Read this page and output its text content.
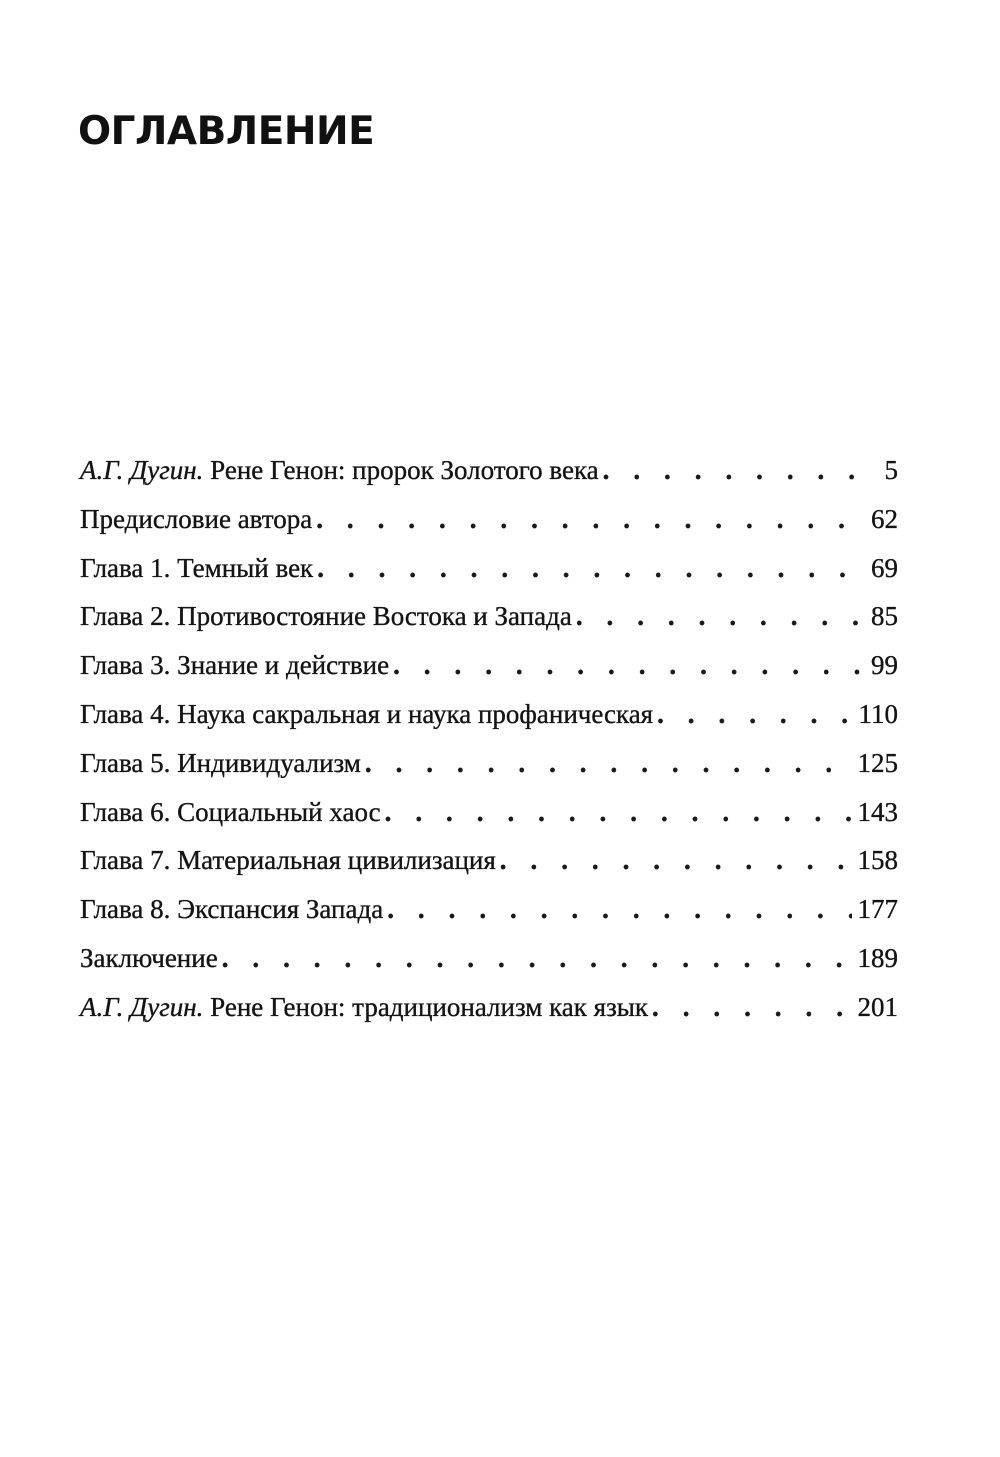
ОГЛАВЛЕНИЕ
А.Г. Дугин. Рене Генон: пророк Золотого века . . .	5
Предисловие автора . . .	62
Глава 1. Темный век . . .	69
Глава 2. Противостояние Востока и Запада . . .	85
Глава 3. Знание и действие . . .	99
Глава 4. Наука сакральная и наука профаническая . . .	110
Глава 5. Индивидуализм . . .	125
Глава 6. Социальный хаос . . .	143
Глава 7. Материальная цивилизация . . .	158
Глава 8. Экспансия Запада . . .	177
Заключение . . .	189
А.Г. Дугин. Рене Генон: традиционализм как язык . . .	201
